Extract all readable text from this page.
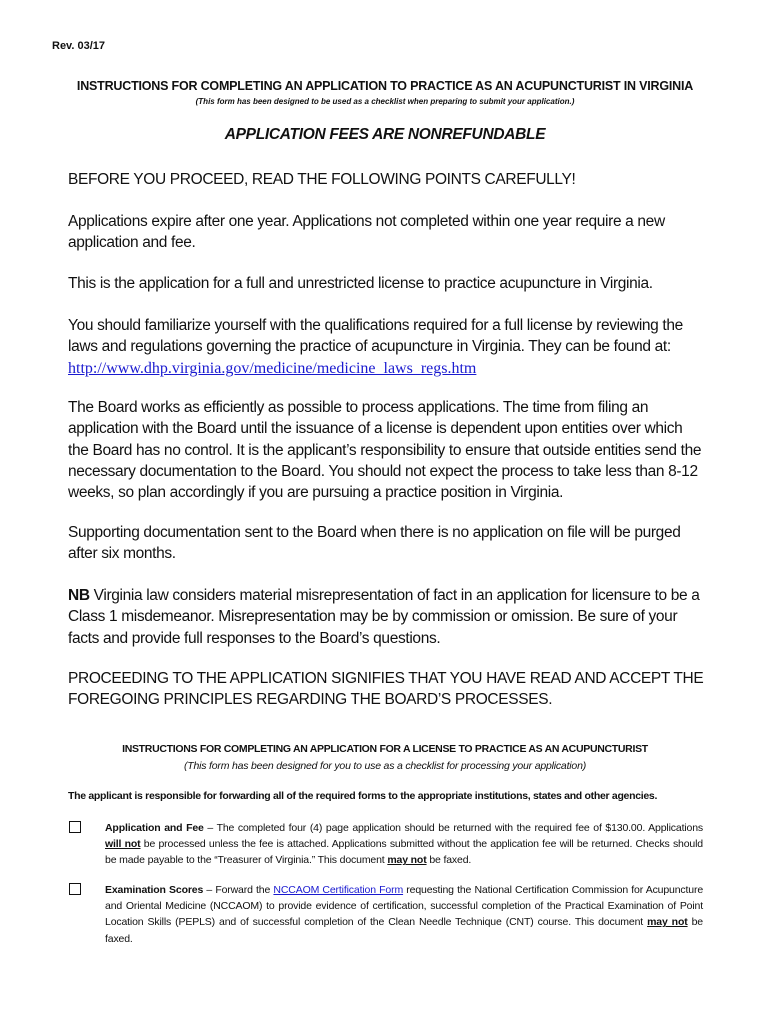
Rev. 03/17
INSTRUCTIONS FOR COMPLETING AN APPLICATION TO PRACTICE AS AN ACUPUNCTURIST IN VIRGINIA
(This form has been designed to be used as a checklist when preparing to submit your application.)
APPLICATION FEES ARE NONREFUNDABLE

BEFORE YOU PROCEED, READ THE FOLLOWING POINTS CAREFULLY!

Applications expire after one year. Applications not completed within one year require a new application and fee.

This is the application for a full and unrestricted license to practice acupuncture in Virginia.

You should familiarize yourself with the qualifications required for a full license by reviewing the laws and regulations governing the practice of acupuncture in Virginia. They can be found at:
http://www.dhp.virginia.gov/medicine/medicine_laws_regs.htm

The Board works as efficiently as possible to process applications. The time from filing an application with the Board until the issuance of a license is dependent upon entities over which the Board has no control. It is the applicant’s responsibility to ensure that outside entities send the necessary documentation to the Board. You should not expect the process to take less than 8-12 weeks, so plan accordingly if you are pursuing a practice position in Virginia.

Supporting documentation sent to the Board when there is no application on file will be purged after six months.

NB Virginia law considers material misrepresentation of fact in an application for licensure to be a Class 1 misdemeanor. Misrepresentation may be by commission or omission. Be sure of your facts and provide full responses to the Board’s questions.

PROCEEDING TO THE APPLICATION SIGNIFIES THAT YOU HAVE READ AND ACCEPT THE FOREGOING PRINCIPLES REGARDING THE BOARD’S PROCESSES.

INSTRUCTIONS FOR COMPLETING AN APPLICATION FOR A LICENSE TO PRACTICE AS AN ACUPUNCTURIST
(This form has been designed for you to use as a checklist for processing your application)
The applicant is responsible for forwarding all of the required forms to the appropriate institutions, states and other agencies.

Application and Fee – The completed four (4) page application should be returned with the required fee of $130.00. Applications will not be processed unless the fee is attached. Applications submitted without the application fee will be returned. Checks should be made payable to the “Treasurer of Virginia.” This document may not be faxed.

Examination Scores – Forward the NCCAOM Certification Form requesting the National Certification Commission for Acupuncture and Oriental Medicine (NCCAOM) to provide evidence of certification, successful completion of the Practical Examination of Point Location Skills (PEPLS) and of successful completion of the Clean Needle Technique (CNT) course. This document may not be faxed.
